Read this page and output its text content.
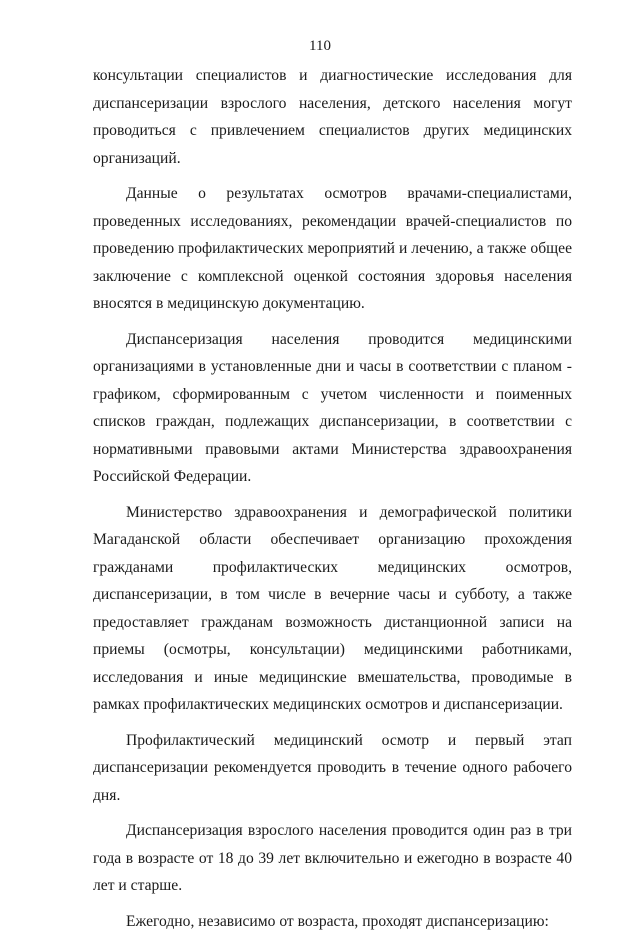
110

консультации специалистов и диагностические исследования для диспансеризации взрослого населения, детского населения могут проводиться с привлечением специалистов других медицинских организаций.

Данные о результатах осмотров врачами-специалистами, проведенных исследованиях, рекомендации врачей-специалистов по проведению профилактических мероприятий и лечению, а также общее заключение с комплексной оценкой состояния здоровья населения вносятся в медицинскую документацию.

Диспансеризация населения проводится медицинскими организациями в установленные дни и часы в соответствии с планом - графиком, сформированным с учетом численности и поименных списков граждан, подлежащих диспансеризации, в соответствии с нормативными правовыми актами Министерства здравоохранения Российской Федерации.

Министерство здравоохранения и демографической политики Магаданской области обеспечивает организацию прохождения гражданами профилактических медицинских осмотров, диспансеризации, в том числе в вечерние часы и субботу, а также предоставляет гражданам возможность дистанционной записи на приемы (осмотры, консультации) медицинскими работниками, исследования и иные медицинские вмешательства, проводимые в рамках профилактических медицинских осмотров и диспансеризации.

Профилактический медицинский осмотр и первый этап диспансеризации рекомендуется проводить в течение одного рабочего дня.

Диспансеризация взрослого населения проводится один раз в три года в возрасте от 18 до 39 лет включительно и ежегодно в возрасте 40 лет и старше.

Ежегодно, независимо от возраста, проходят диспансеризацию:
